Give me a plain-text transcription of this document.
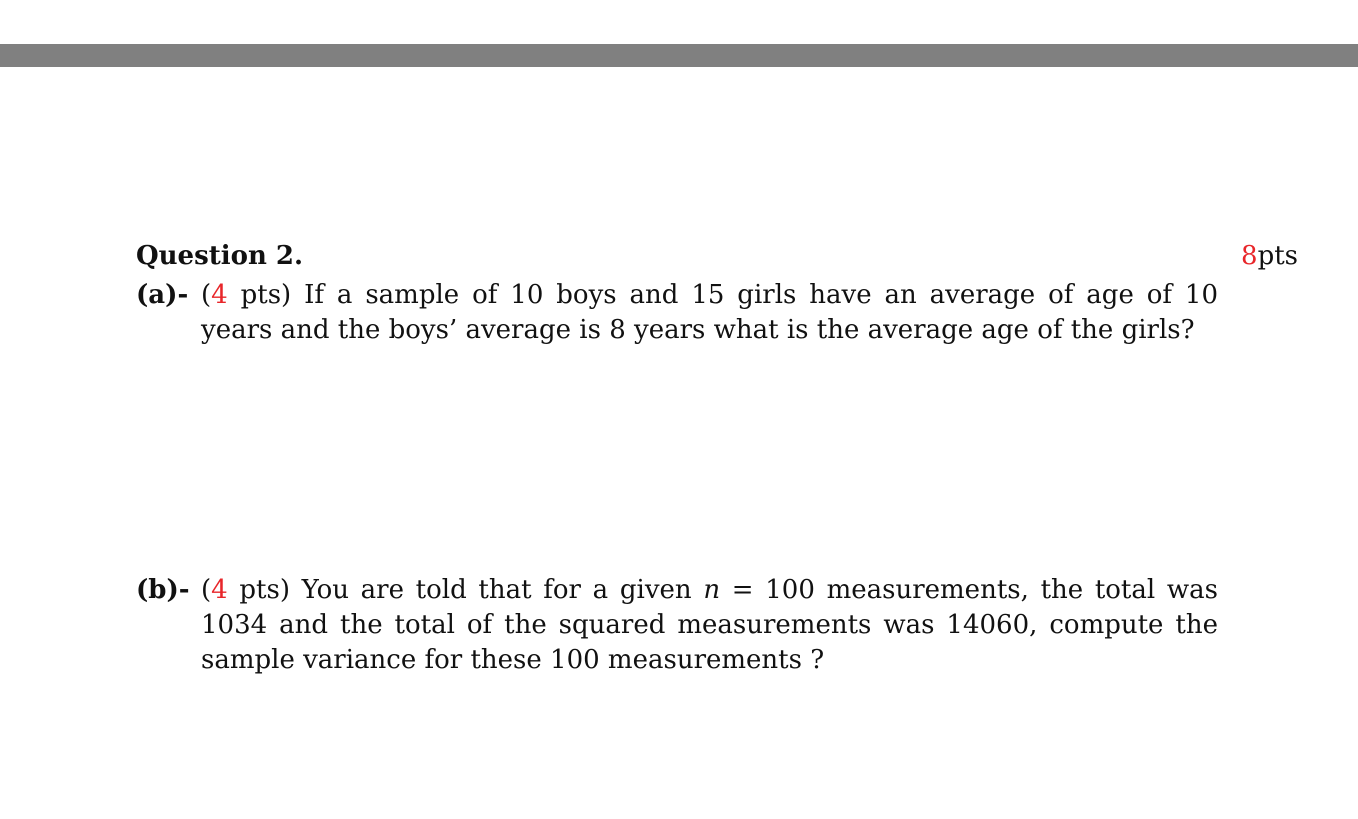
Question 2.	8pts
(a)- (4 pts) If a sample of 10 boys and 15 girls have an average of age of 10 years and the boys’ average is 8 years what is the average age of the girls?
(b)- (4 pts) You are told that for a given n = 100 measurements, the total was 1034 and the total of the squared measurements was 14060, compute the sample variance for these 100 measurements ?
